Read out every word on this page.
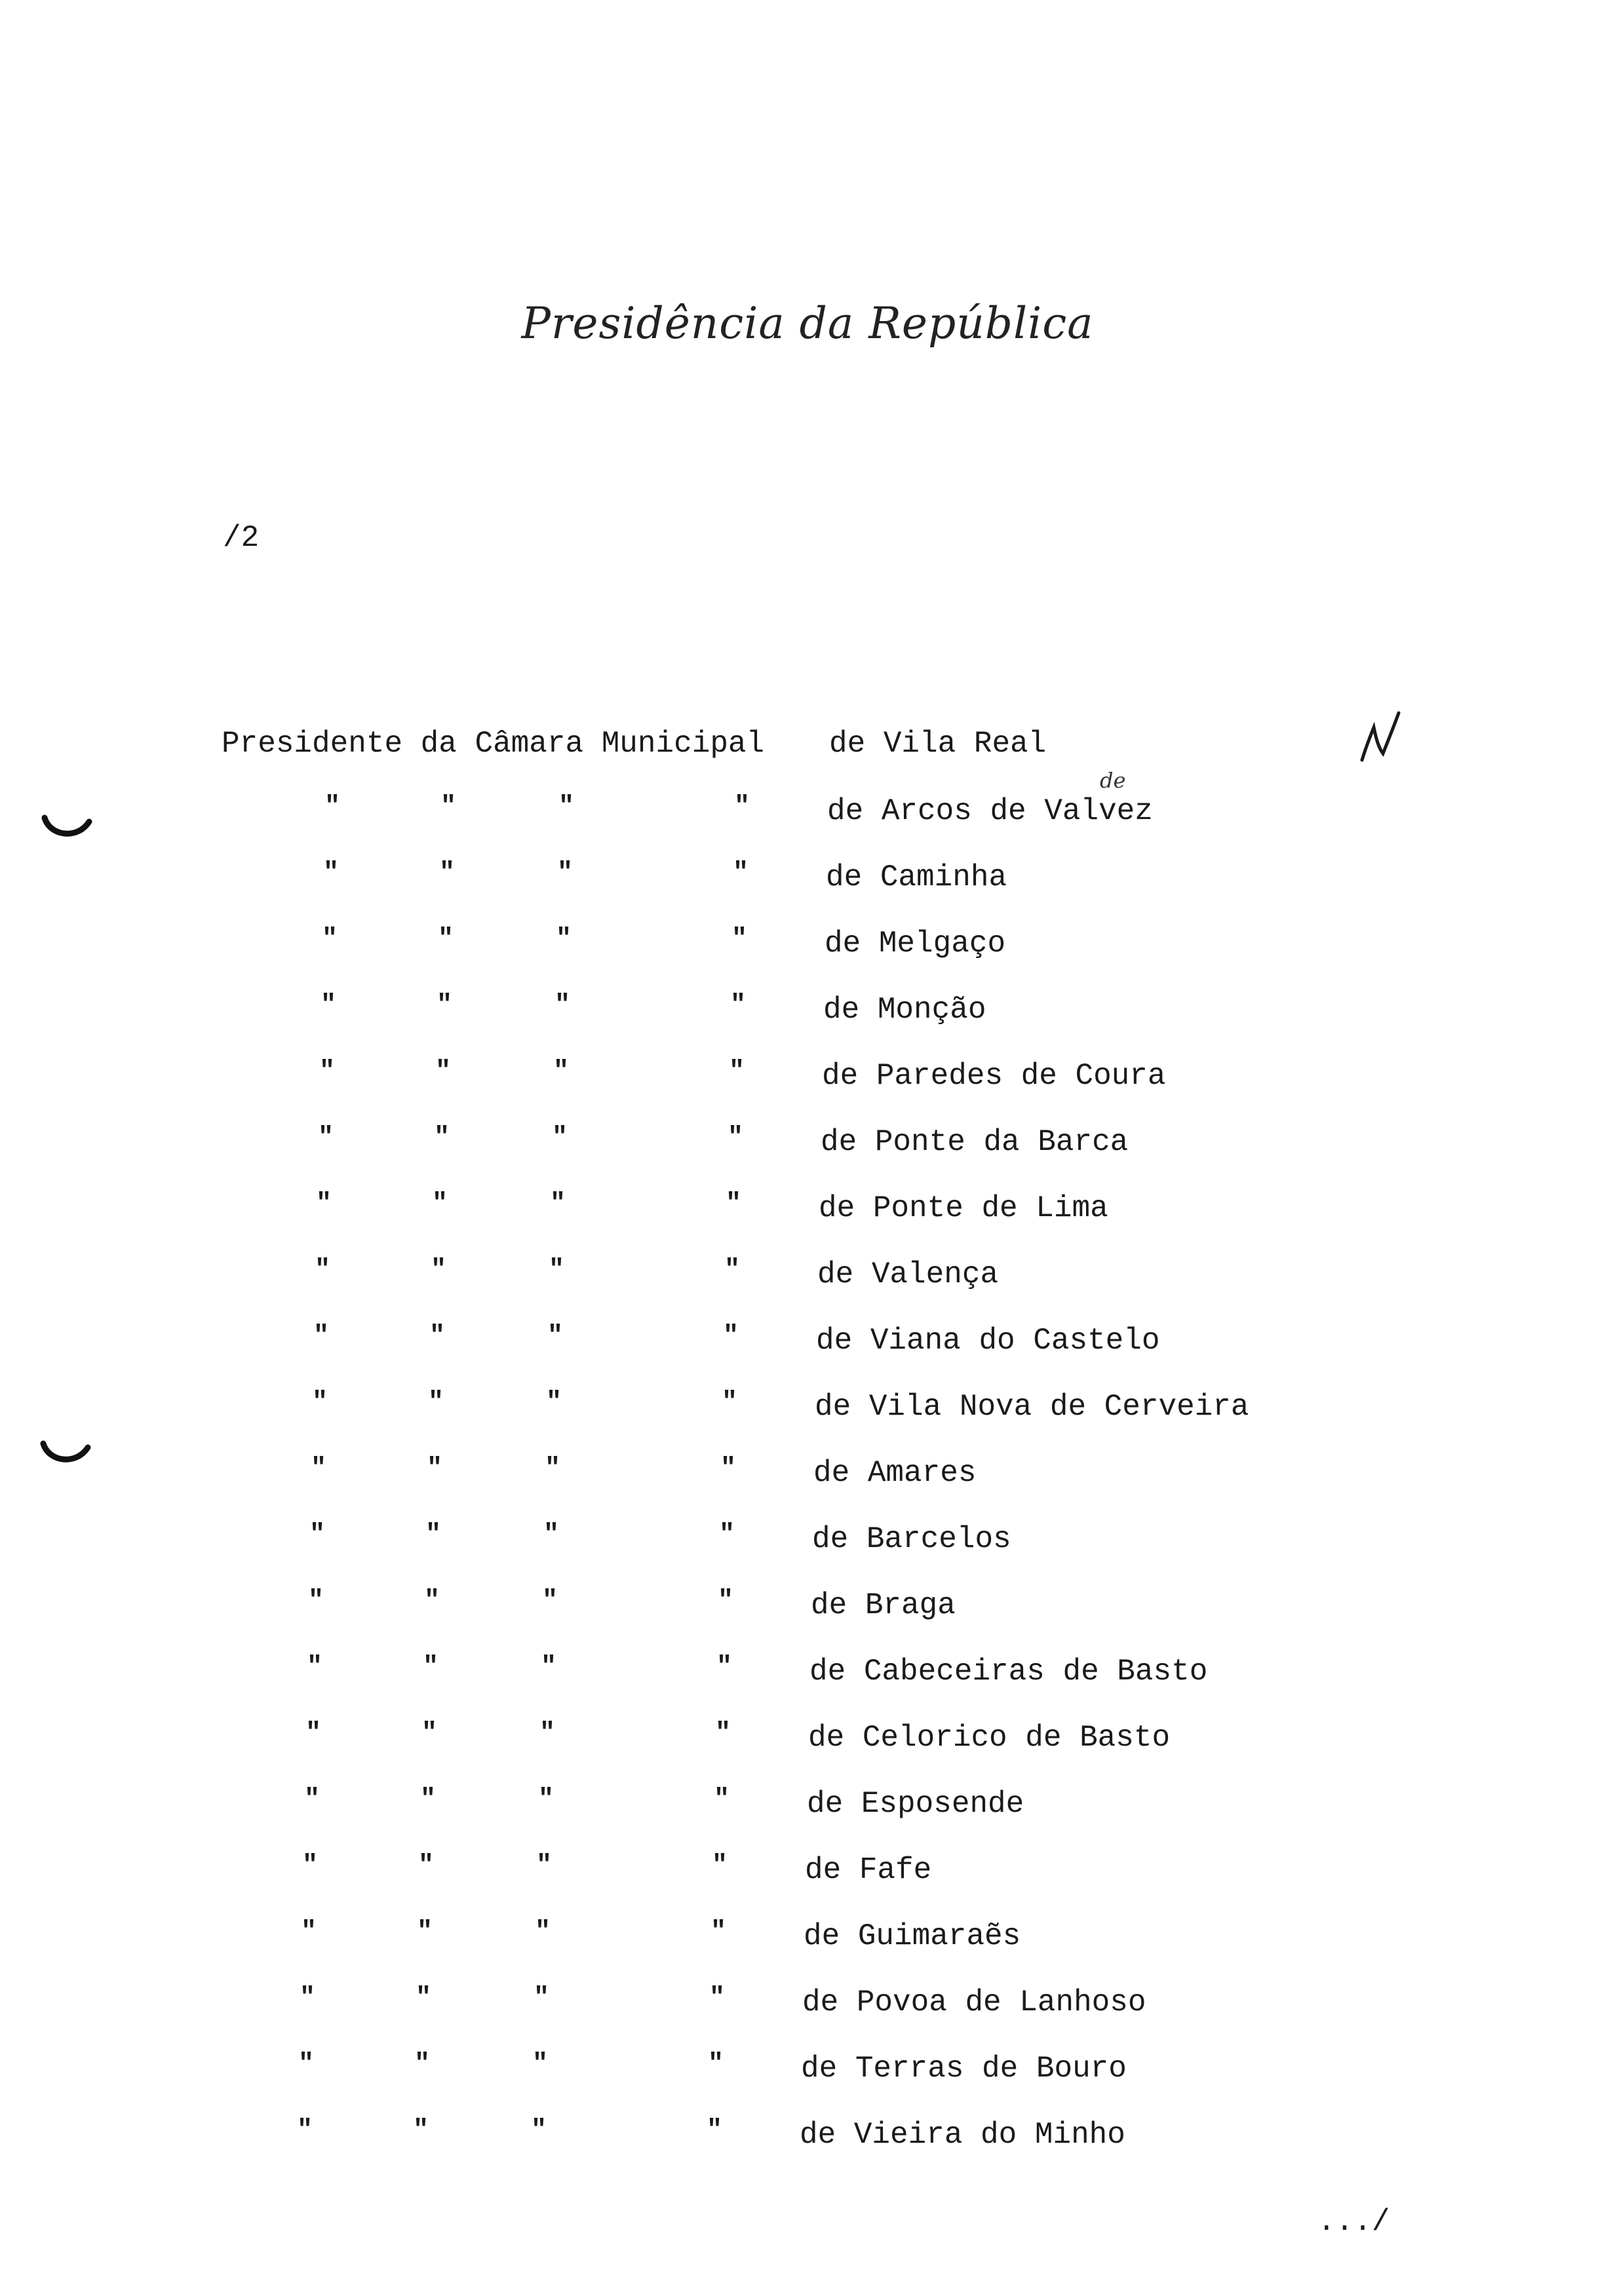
Presidência da República
/2
Presidente da Câmara Municipal de Vila Real
"	"	"	"	de Arcos de Valvez
"	"	"	"	de Caminha
"	"	"	"	de Melgaço
"	"	"	"	de Monção
"	"	"	"	de Paredes de Coura
"	"	"	"	de Ponte da Barca
"	"	"	"	de Ponte de Lima
"	"	"	"	de Valença
"	"	"	"	de Viana do Castelo
"	"	"	"	de Vila Nova de Cerveira
"	"	"	"	de Amares
"	"	"	"	de Barcelos
"	"	"	"	de Braga
"	"	"	"	de Cabeceiras de Basto
"	"	"	"	de Celorico de Basto
"	"	"	"	de Esposende
"	"	"	"	de Fafe
"	"	"	"	de Guimaraẽs
"	"	"	"	de Povoa de Lanhoso
"	"	"	"	de Terras de Bouro
"	"	"	"	de Vieira do Minho
de
.../
